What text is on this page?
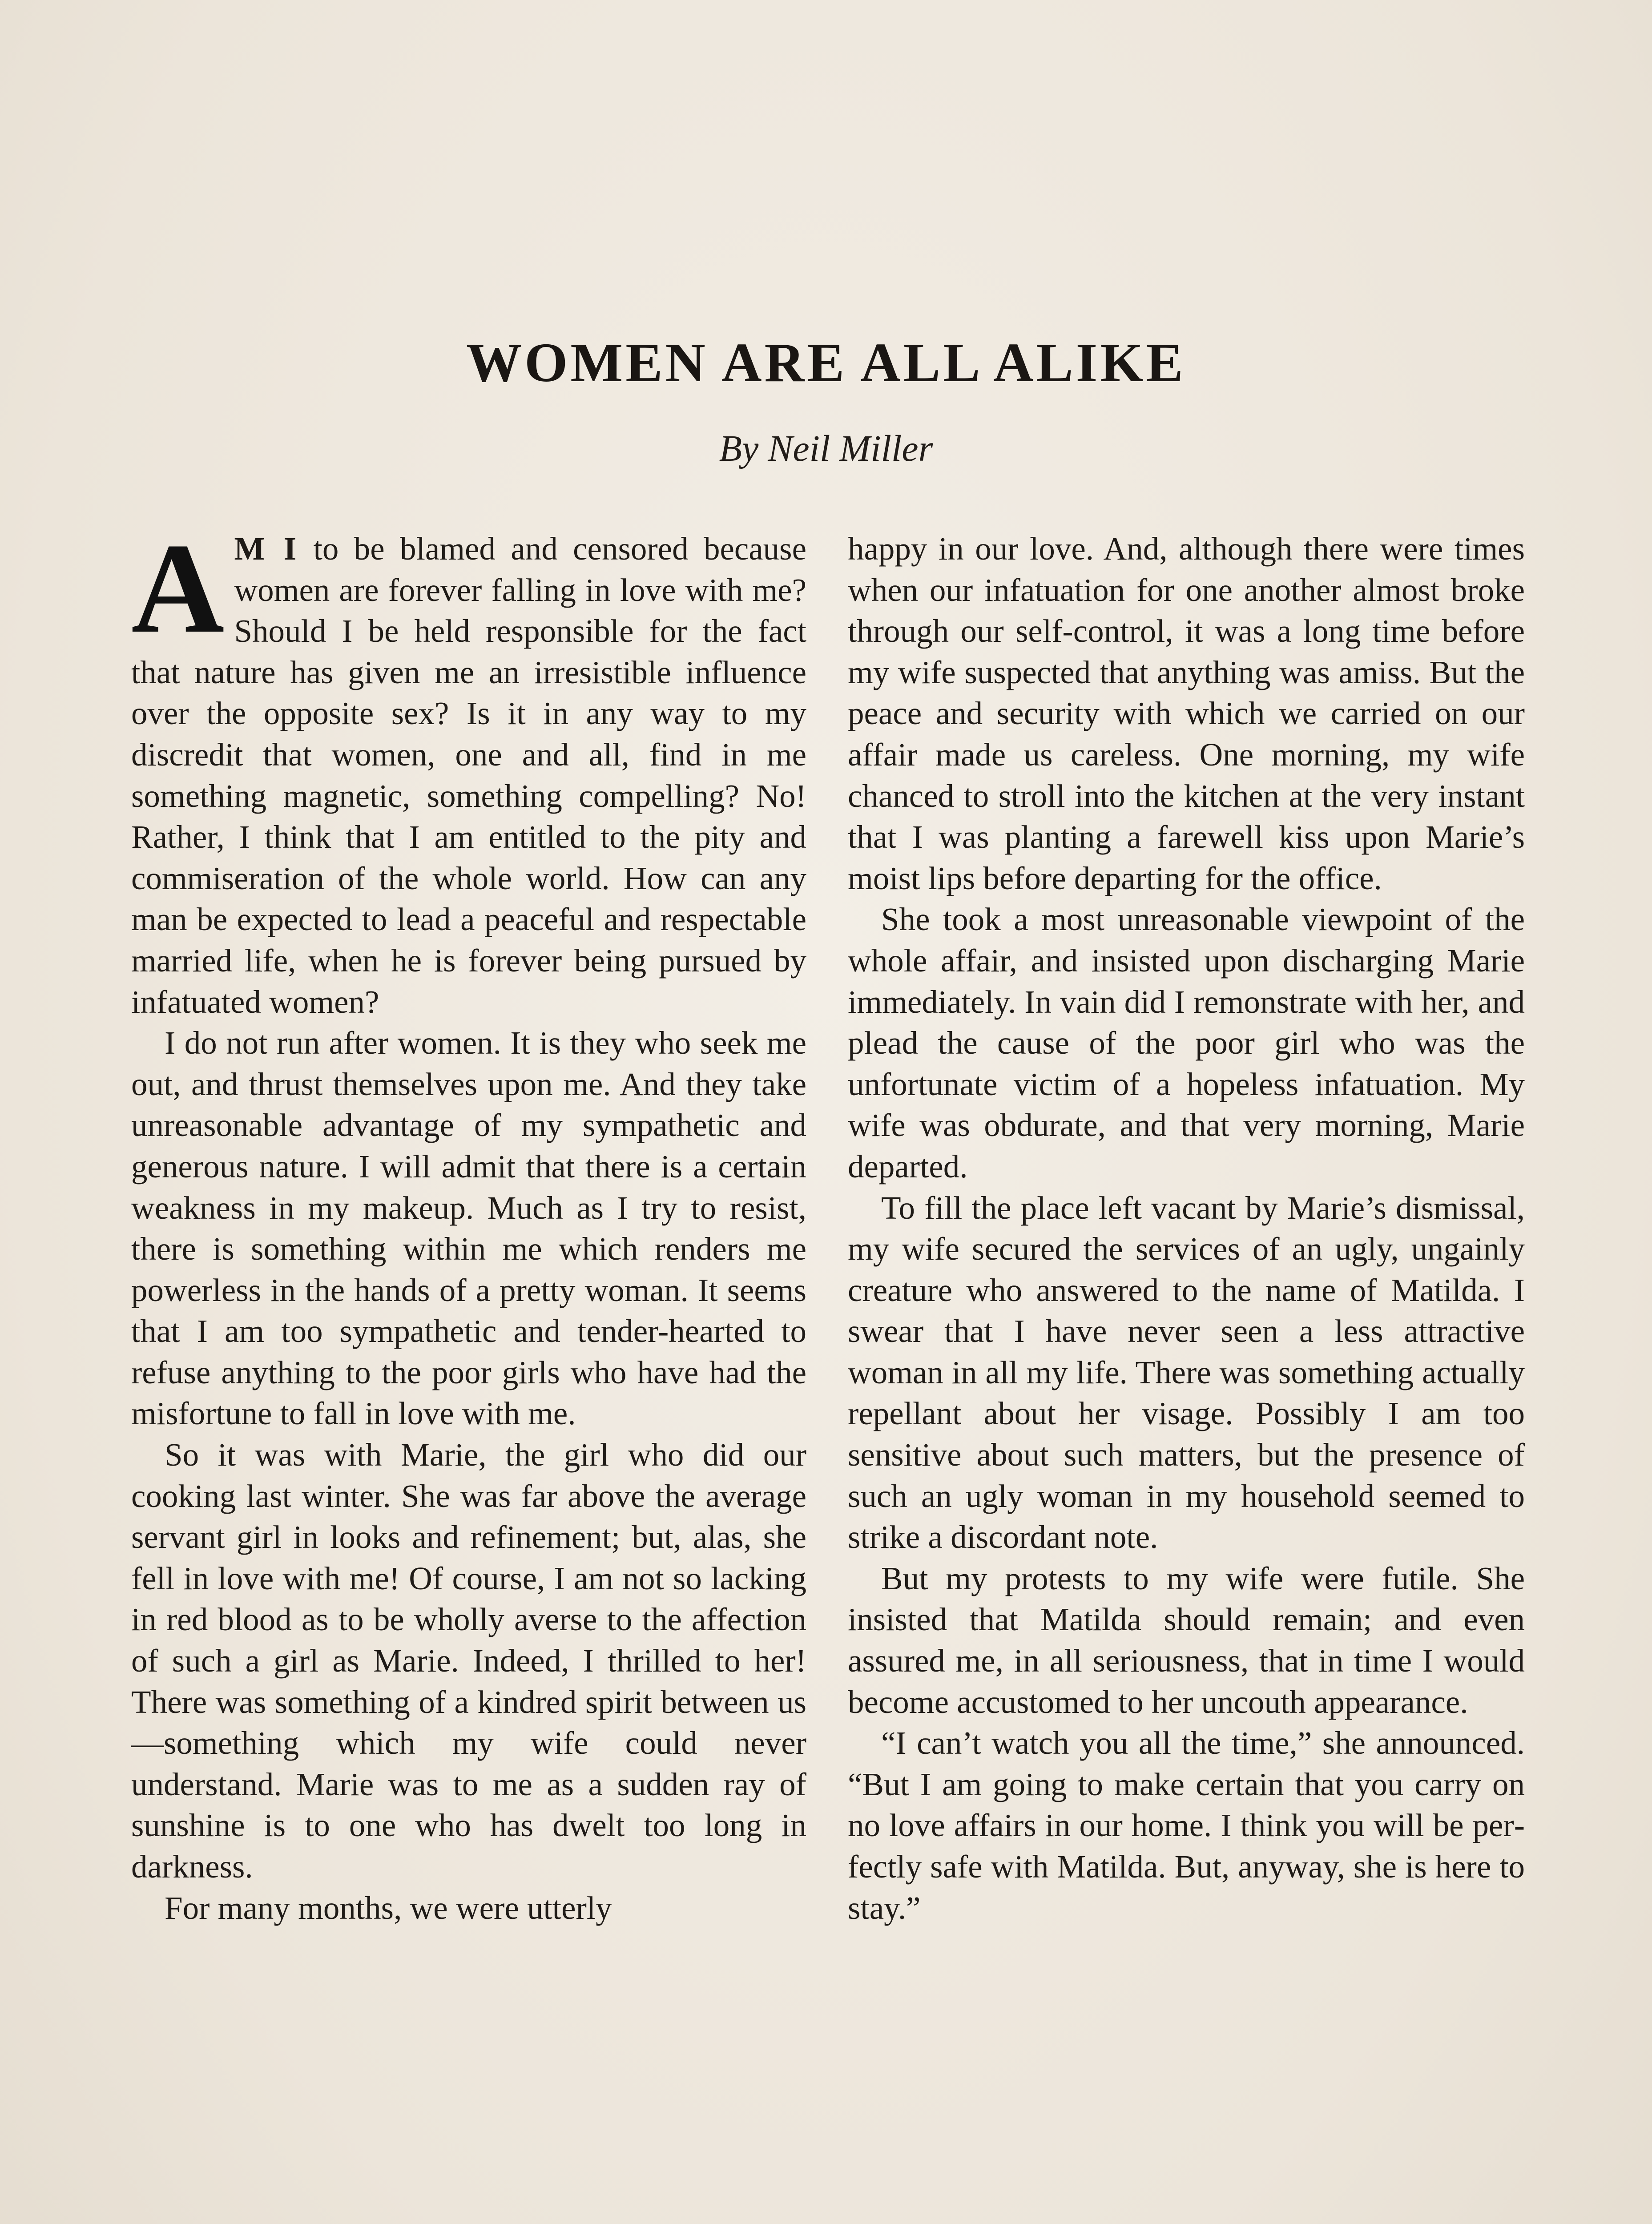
WOMEN ARE ALL ALIKE
By Neil Miller

A M I to be blamed and censored because women are forever falling in love with me? Should I be held responsible for the fact that nature has given me an irresistible influence over the opposite sex? Is it in any way to my discredit that women, one and all, find in me something magnetic, something compelling? No! Rather, I think that I am entitled to the pity and commiseration of the whole world. How can any man be expected to lead a peaceful and respectable married life, when he is forever being pursued by infatuated women?

I do not run after women. It is they who seek me out, and thrust themselves upon me. And they take unreasonable advantage of my sympathetic and generous nature. I will admit that there is a certain weakness in my makeup. Much as I try to resist, there is something within me which renders me powerless in the hands of a pretty woman. It seems that I am too sympathetic and tender-hearted to refuse anything to the poor girls who have had the misfortune to fall in love with me.

So it was with Marie, the girl who did our cooking last winter. She was far above the average servant girl in looks and refinement; but, alas, she fell in love with me! Of course, I am not so lacking in red blood as to be wholly averse to the affection of such a girl as Marie. Indeed, I thrilled to her! There was something of a kindred spirit between us—something which my wife could never understand. Marie was to me as a sudden ray of sunshine is to one who has dwelt too long in darkness.

For many months, we were utterly

happy in our love. And, although there were times when our infatuation for one another almost broke through our self-control, it was a long time before my wife suspected that anything was amiss. But the peace and security with which we carried on our affair made us careless. One morning, my wife chanced to stroll into the kitchen at the very instant that I was planting a farewell kiss upon Marie’s moist lips before departing for the office.

She took a most unreasonable viewpoint of the whole affair, and insisted upon discharging Marie immediately. In vain did I remonstrate with her, and plead the cause of the poor girl who was the unfortunate victim of a hopeless infatuation. My wife was obdurate, and that very morning, Marie departed.

To fill the place left vacant by Marie’s dismissal, my wife secured the services of an ugly, ungainly creature who answered to the name of Matilda. I swear that I have never seen a less attractive woman in all my life. There was something actually repellant about her visage. Possibly I am too sensitive about such matters, but the presence of such an ugly woman in my household seemed to strike a discordant note.

But my protests to my wife were futile. She insisted that Matilda should remain; and even assured me, in all seriousness, that in time I would become accustomed to her uncouth appearance.

“I can’t watch you all the time,” she announced. “But I am going to make certain that you carry on no love affairs in our home. I think you will be perfectly safe with Matilda. But, anyway, she is here to stay.”
